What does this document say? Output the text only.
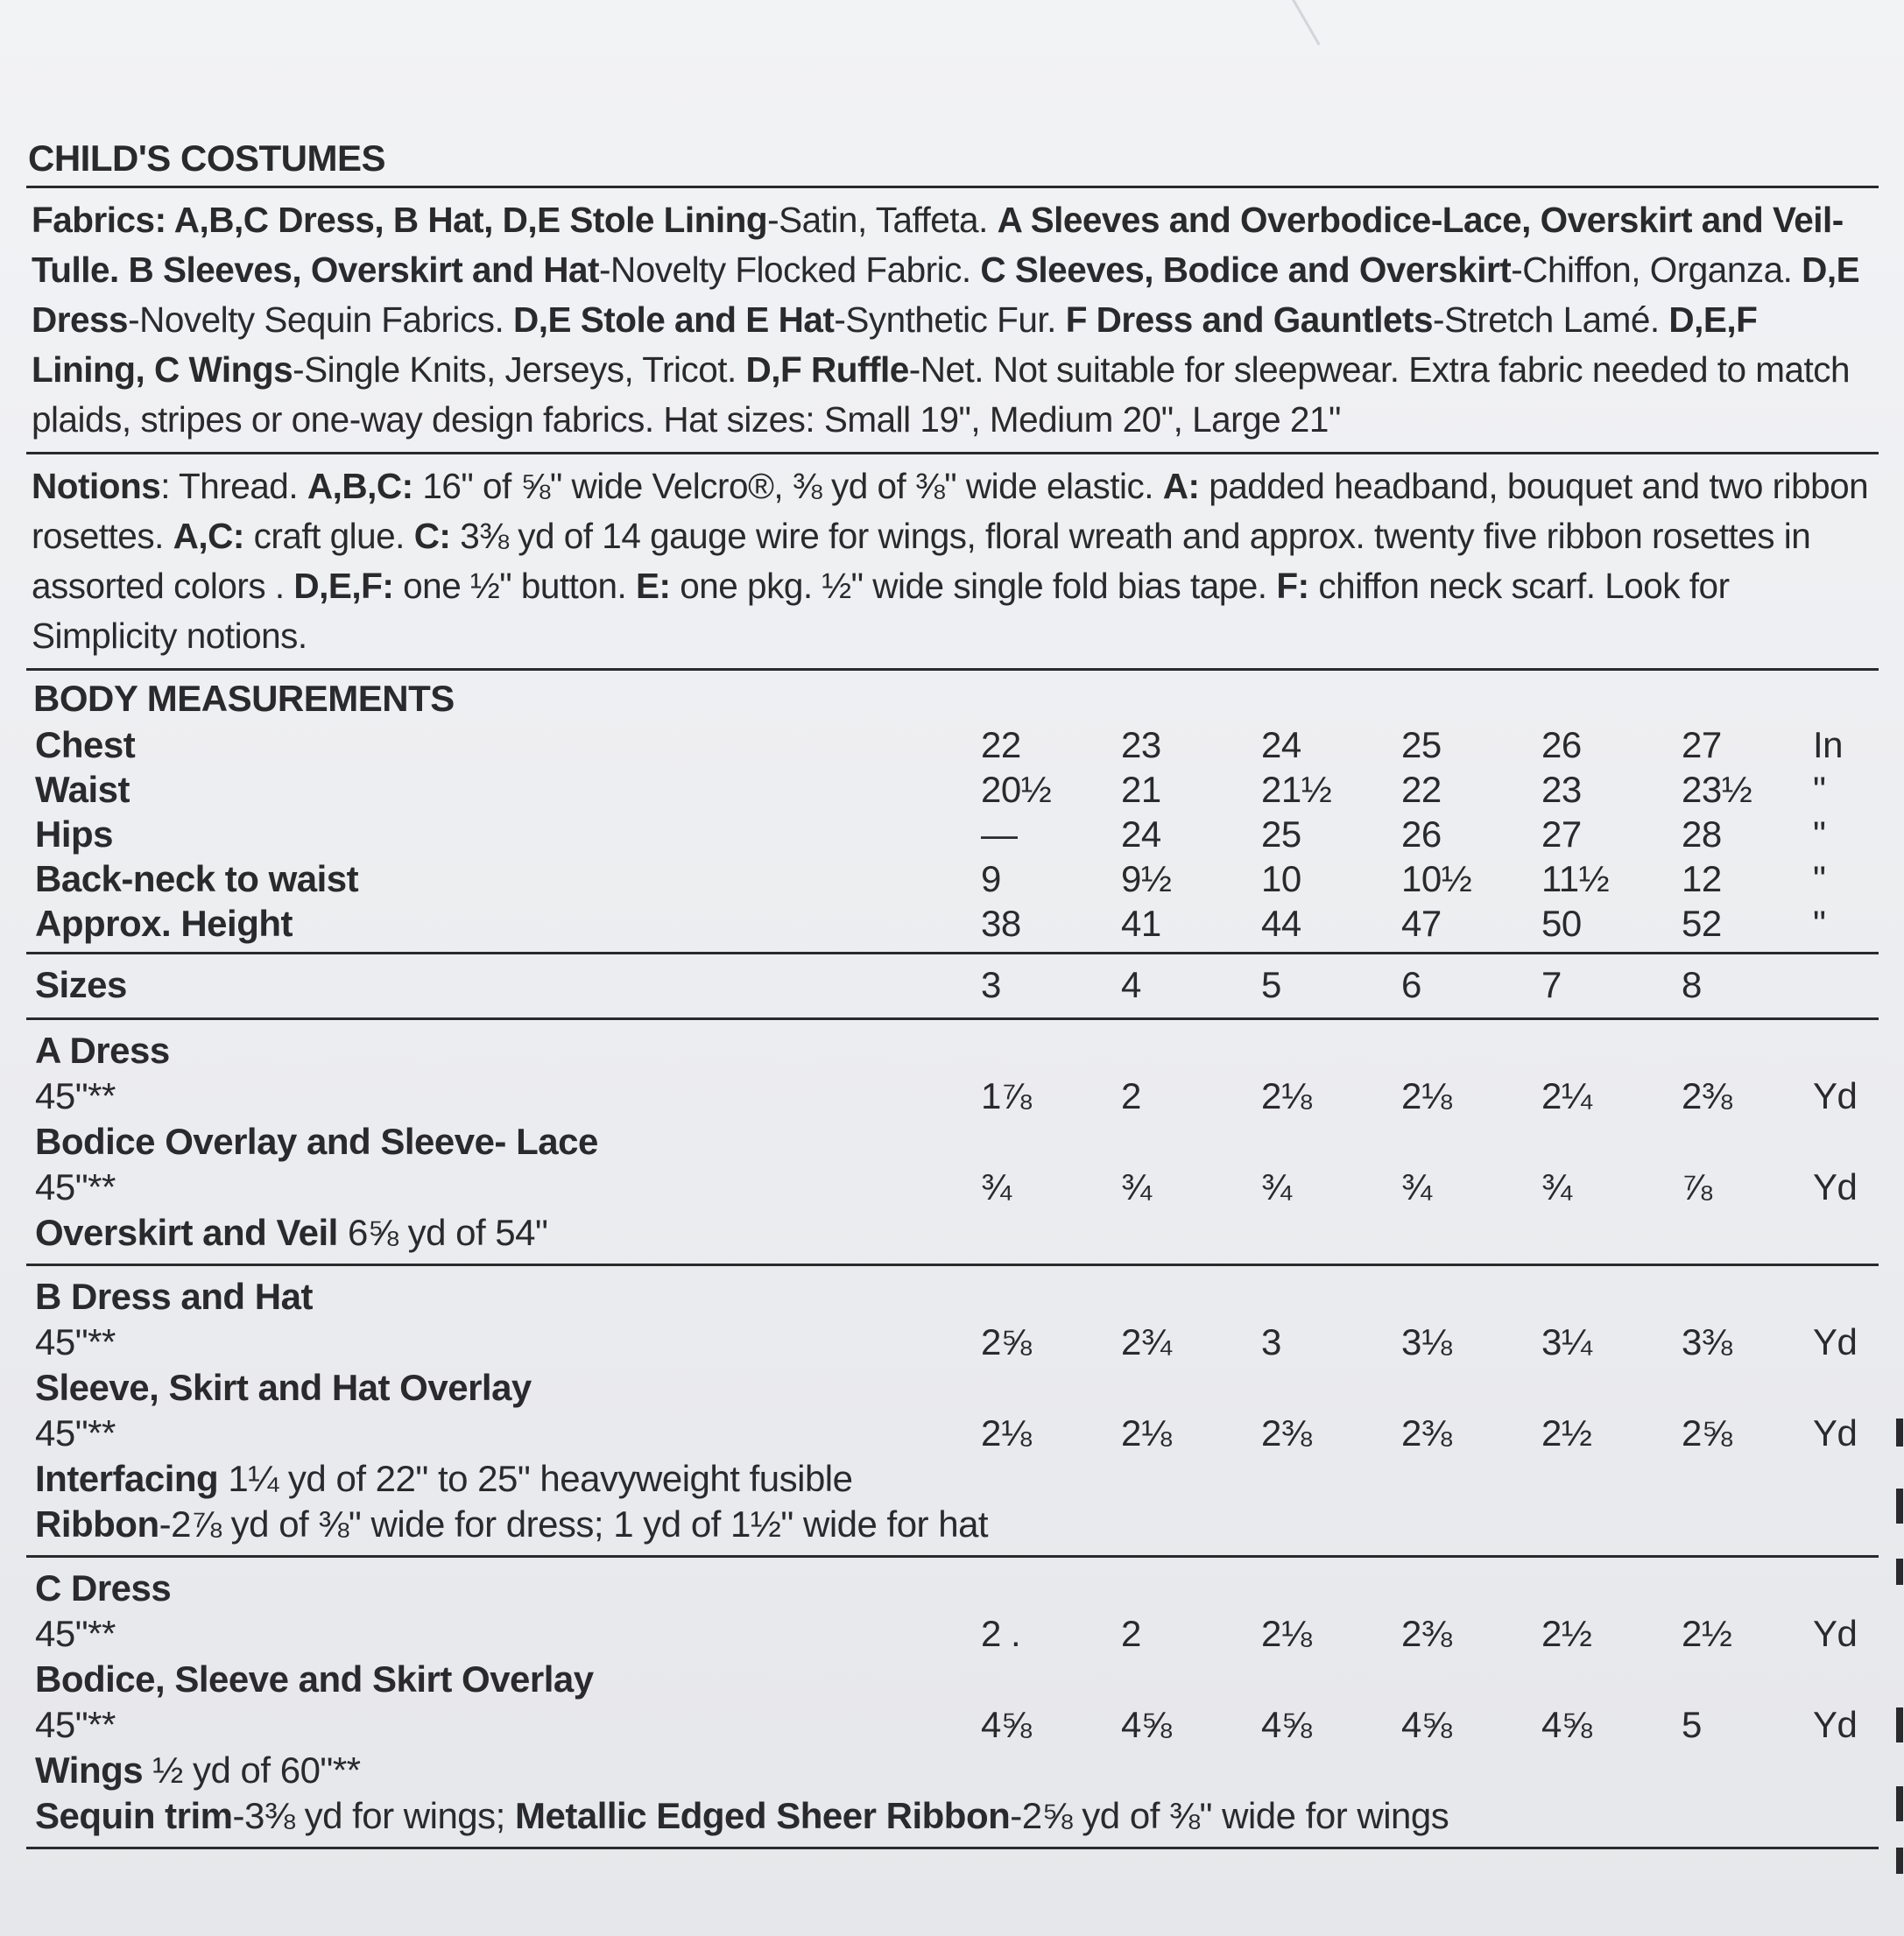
CHILD'S COSTUMES
Fabrics: A,B,C Dress, B Hat, D,E Stole Lining-Satin, Taffeta. A Sleeves and Overbodice-Lace, Overskirt and Veil-Tulle. B Sleeves, Overskirt and Hat-Novelty Flocked Fabric. C Sleeves, Bodice and Overskirt-Chiffon, Organza. D,E Dress-Novelty Sequin Fabrics. D,E Stole and E Hat-Synthetic Fur. F Dress and Gauntlets-Stretch Lamé. D,E,F Lining, C Wings-Single Knits, Jerseys, Tricot. D,F Ruffle-Net. Not suitable for sleepwear. Extra fabric needed to match plaids, stripes or one-way design fabrics. Hat sizes: Small 19", Medium 20", Large 21"
Notions: Thread. A,B,C: 16" of ⅝" wide Velcro®, ⅜ yd of ⅜" wide elastic. A: padded headband, bouquet and two ribbon rosettes. A,C: craft glue. C: 3⅜ yd of 14 gauge wire for wings, floral wreath and approx. twenty five ribbon rosettes in assorted colors . D,E,F: one ½" button. E: one pkg. ½" wide single fold bias tape. F: chiffon neck scarf. Look for Simplicity notions.
BODY MEASUREMENTS
Chest	22	23	24	25	26	27 In
Waist	20½ 21	21½ 22	23	23½ "
Hips	—	24	25	26	27	28 "
Back-neck to waist	9	9½ 10	10½ 11½ 12 "
Approx. Height	38	41	44	47	50	52 "
Sizes	3	4	5	6	7	8
A Dress
45"**	1⅞ 2	2⅛ 2⅛ 2¼ 2⅜ Yd
Bodice Overlay and Sleeve- Lace
45"**	¾	¾	¾	¾	¾	⅞	Yd
Overskirt and Veil 6⅝ yd of 54"
B Dress and Hat
45"**	2⅝ 2¾ 3	3⅛ 3¼ 3⅜ Yd
Sleeve, Skirt and Hat Overlay
45"**	2⅛ 2⅛ 2⅜ 2⅜ 2½ 2⅝ Yd
Interfacing 1¼ yd of 22" to 25" heavyweight fusible
Ribbon-2⅞ yd of ⅜" wide for dress; 1 yd of 1½" wide for hat
C Dress
45"**	2 .	2	2⅛ 2⅜ 2½ 2½ Yd
Bodice, Sleeve and Skirt Overlay
45"**	4⅝ 4⅝ 4⅝ 4⅝ 4⅝ 5	Yd
Wings ½ yd of 60"**
Sequin trim-3⅜ yd for wings; Metallic Edged Sheer Ribbon-2⅝ yd of ⅜" wide for wings
